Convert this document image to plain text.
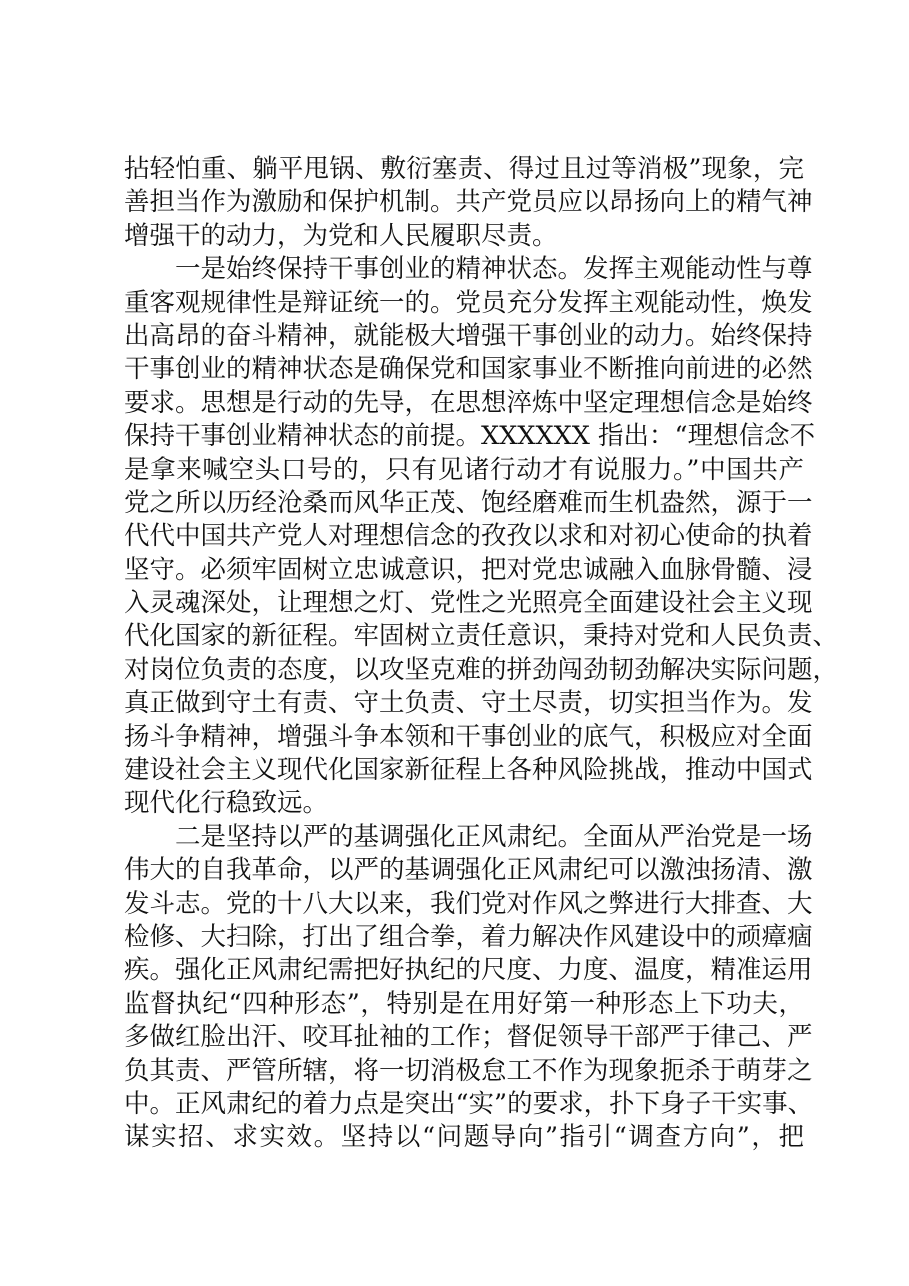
拈轻怕重、躺平甩锅、敷衍塞责、得过且过等消极”现象，完
善担当作为激励和保护机制。共产党员应以昂扬向上的精气神
增强干的动力，为党和人民履职尽责。
一是始终保持干事创业的精神状态。发挥主观能动性与尊
重客观规律性是辩证统一的。党员充分发挥主观能动性，焕发
出高昂的奋斗精神，就能极大增强干事创业的动力。始终保持
干事创业的精神状态是确保党和国家事业不断推向前进的必然
要求。思想是行动的先导，在思想淬炼中坚定理想信念是始终
保持干事创业精神状态的前提。XXXXXX 指出：“理想信念不
是拿来喊空头口号的，只有见诸行动才有说服力。”中国共产
党之所以历经沧桑而风华正茂、饱经磨难而生机盎然，源于一
代代中国共产党人对理想信念的孜孜以求和对初心使命的执着
坚守。必须牢固树立忠诚意识，把对党忠诚融入血脉骨髓、浸
入灵魂深处，让理想之灯、党性之光照亮全面建设社会主义现
代化国家的新征程。牢固树立责任意识，秉持对党和人民负责、
对岗位负责的态度，以攻坚克难的拼劲闯劲韧劲解决实际问题，
真正做到守土有责、守土负责、守土尽责，切实担当作为。发
扬斗争精神，增强斗争本领和干事创业的底气，积极应对全面
建设社会主义现代化国家新征程上各种风险挑战，推动中国式
现代化行稳致远。
二是坚持以严的基调强化正风肃纪。全面从严治党是一场
伟大的自我革命，以严的基调强化正风肃纪可以激浊扬清、激
发斗志。党的十八大以来，我们党对作风之弊进行大排查、大
检修、大扫除，打出了组合拳，着力解决作风建设中的顽瘴痼
疾。强化正风肃纪需把好执纪的尺度、力度、温度，精准运用
监督执纪“四种形态”，特别是在用好第一种形态上下功夫，
多做红脸出汗、咬耳扯袖的工作；督促领导干部严于律己、严
负其责、严管所辖，将一切消极怠工不作为现象扼杀于萌芽之
中。正风肃纪的着力点是突出“实”的要求，扑下身子干实事、
谋实招、求实效。坚持以“问题导向”指引“调查方向”，把
